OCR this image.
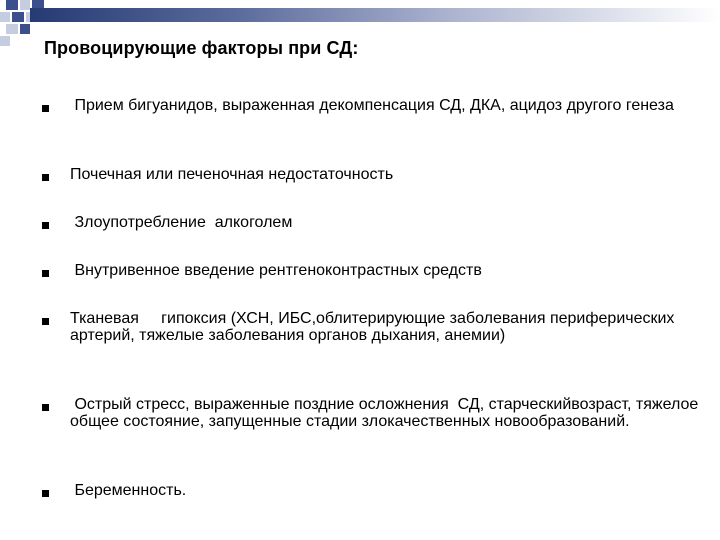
Провоцирующие факторы при СД:
Прием бигуанидов, выраженная декомпенсация СД, ДКА, ацидоз другого генеза
Почечная или печеночная недостаточность
Злоупотребление  алкоголем
Внутривенное введение рентгеноконтрастных средств
Тканевая     гипоксия (ХСН, ИБС,облитерирующие заболевания периферических артерий, тяжелые заболевания органов дыхания, анемии)
Острый стресс, выраженные поздние осложнения  СД, старческийвозраст, тяжелое общее состояние, запущенные стадии злокачественных новообразований.
Беременность.
